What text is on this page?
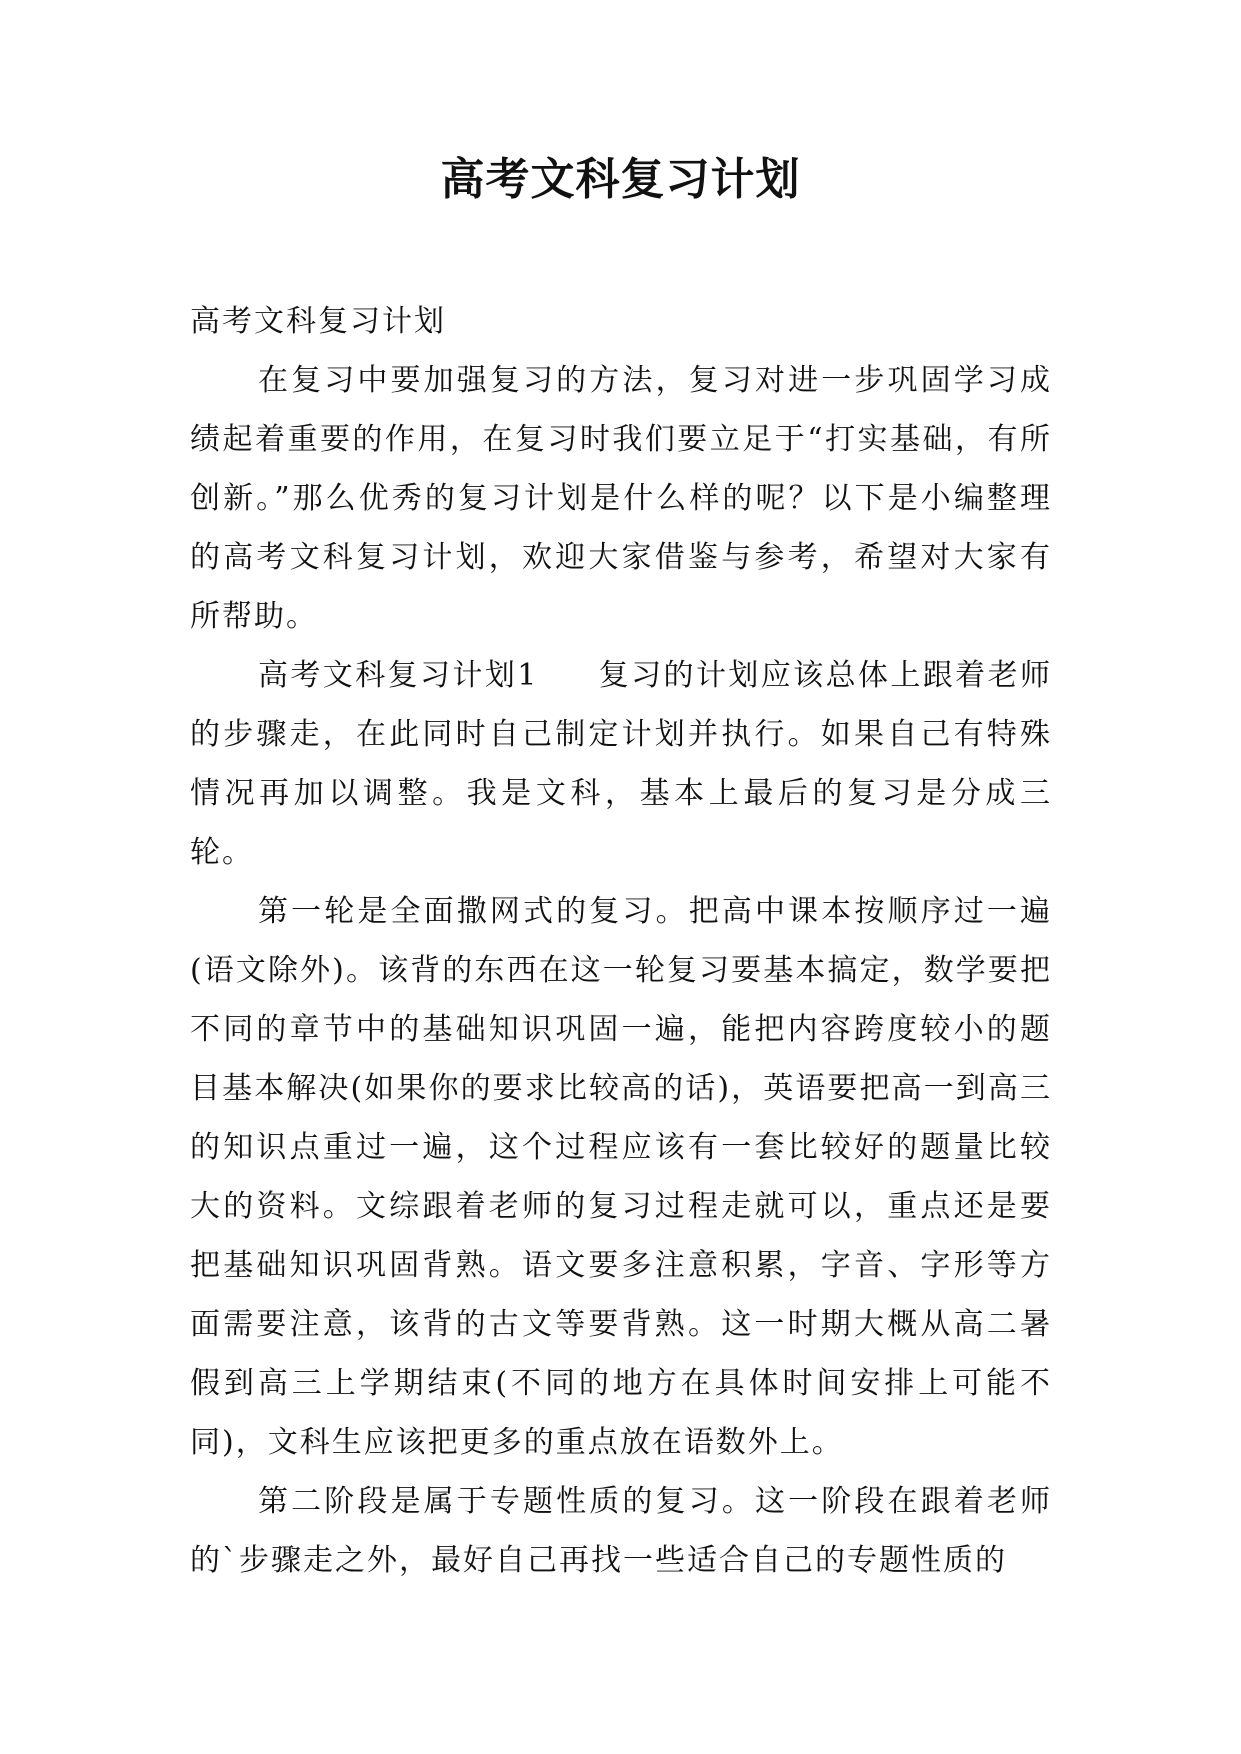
高考文科复习计划

高考文科复习计划

在复习中要加强复习的方法，复习对进一步巩固学习成绩起着重要的作用，在复习时我们要立足于“打实基础，有所创新。”那么优秀的复习计划是什么样的呢？以下是小编整理的高考文科复习计划，欢迎大家借鉴与参考，希望对大家有所帮助。

高考文科复习计划1 复习的计划应该总体上跟着老师的步骤走，在此同时自己制定计划并执行。如果自己有特殊情况再加以调整。我是文科，基本上最后的复习是分成三轮。

第一轮是全面撒网式的复习。把高中课本按顺序过一遍(语文除外)。该背的东西在这一轮复习要基本搞定，数学要把不同的章节中的基础知识巩固一遍，能把内容跨度较小的题目基本解决(如果你的要求比较高的话)，英语要把高一到高三的知识点重过一遍，这个过程应该有一套比较好的题量比较大的资料。文综跟着老师的复习过程走就可以，重点还是要把基础知识巩固背熟。语文要多注意积累，字音、字形等方面需要注意，该背的古文等要背熟。这一时期大概从高二暑假到高三上学期结束(不同的地方在具体时间安排上可能不同)，文科生应该把更多的重点放在语数外上。

第二阶段是属于专题性质的复习。这一阶段在跟着老师的`步骤走之外，最好自己再找一些适合自己的专题性质的
